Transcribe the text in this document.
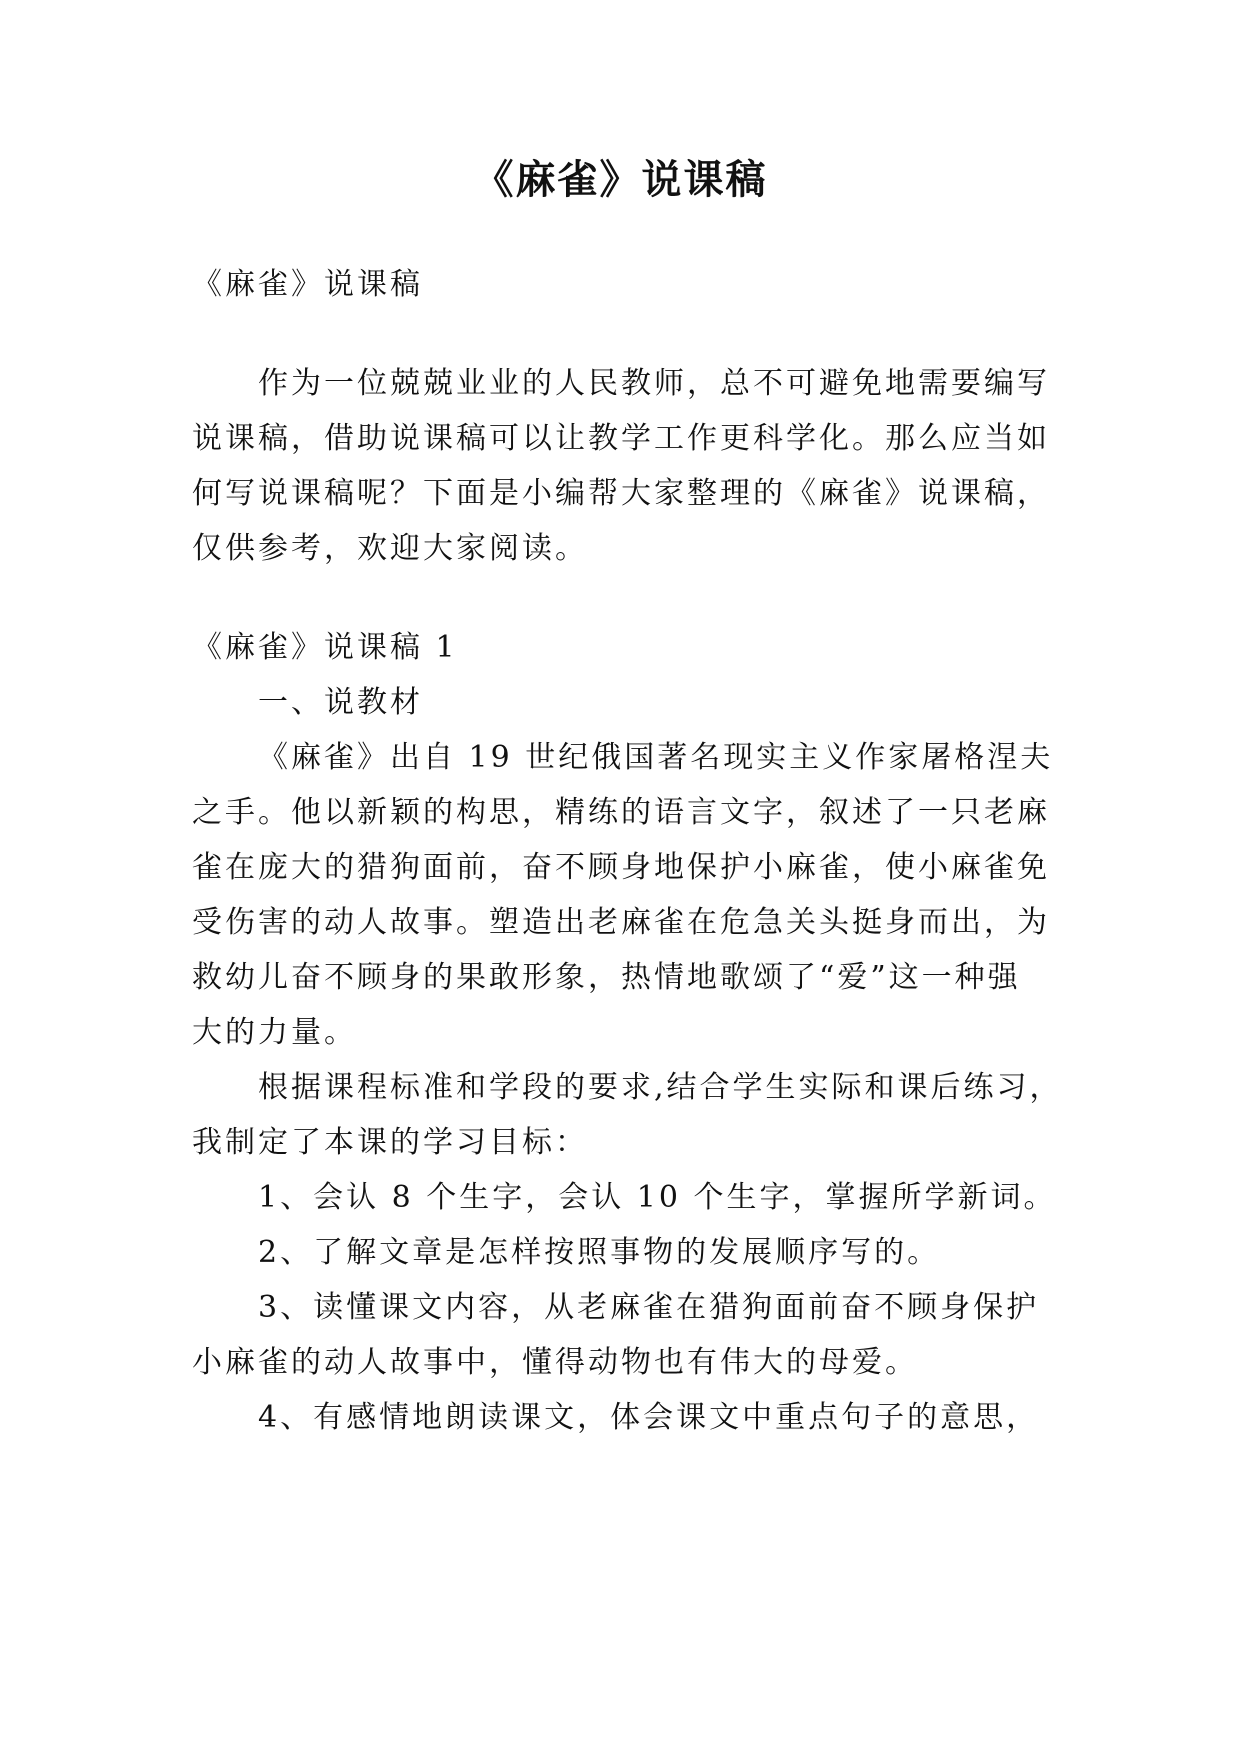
《麻雀》说课稿

《麻雀》说课稿

作为一位兢兢业业的人民教师，总不可避免地需要编写

说课稿，借助说课稿可以让教学工作更科学化。那么应当如

何写说课稿呢？下面是小编帮大家整理的《麻雀》说课稿，

仅供参考，欢迎大家阅读。

《麻雀》说课稿 1

一、说教材

《麻雀》出自 19 世纪俄国著名现实主义作家屠格涅夫

之手。他以新颖的构思，精练的语言文字，叙述了一只老麻

雀在庞大的猎狗面前，奋不顾身地保护小麻雀，使小麻雀免

受伤害的动人故事。塑造出老麻雀在危急关头挺身而出，为

救幼儿奋不顾身的果敢形象，热情地歌颂了“爱”这一种强

大的力量。

根据课程标准和学段的要求,结合学生实际和课后练习，

我制定了本课的学习目标：

1、会认 8 个生字，会认 10 个生字，掌握所学新词。

2、了解文章是怎样按照事物的发展顺序写的。

3、读懂课文内容，从老麻雀在猎狗面前奋不顾身保护

小麻雀的动人故事中，懂得动物也有伟大的母爱。

4、有感情地朗读课文，体会课文中重点句子的意思，
